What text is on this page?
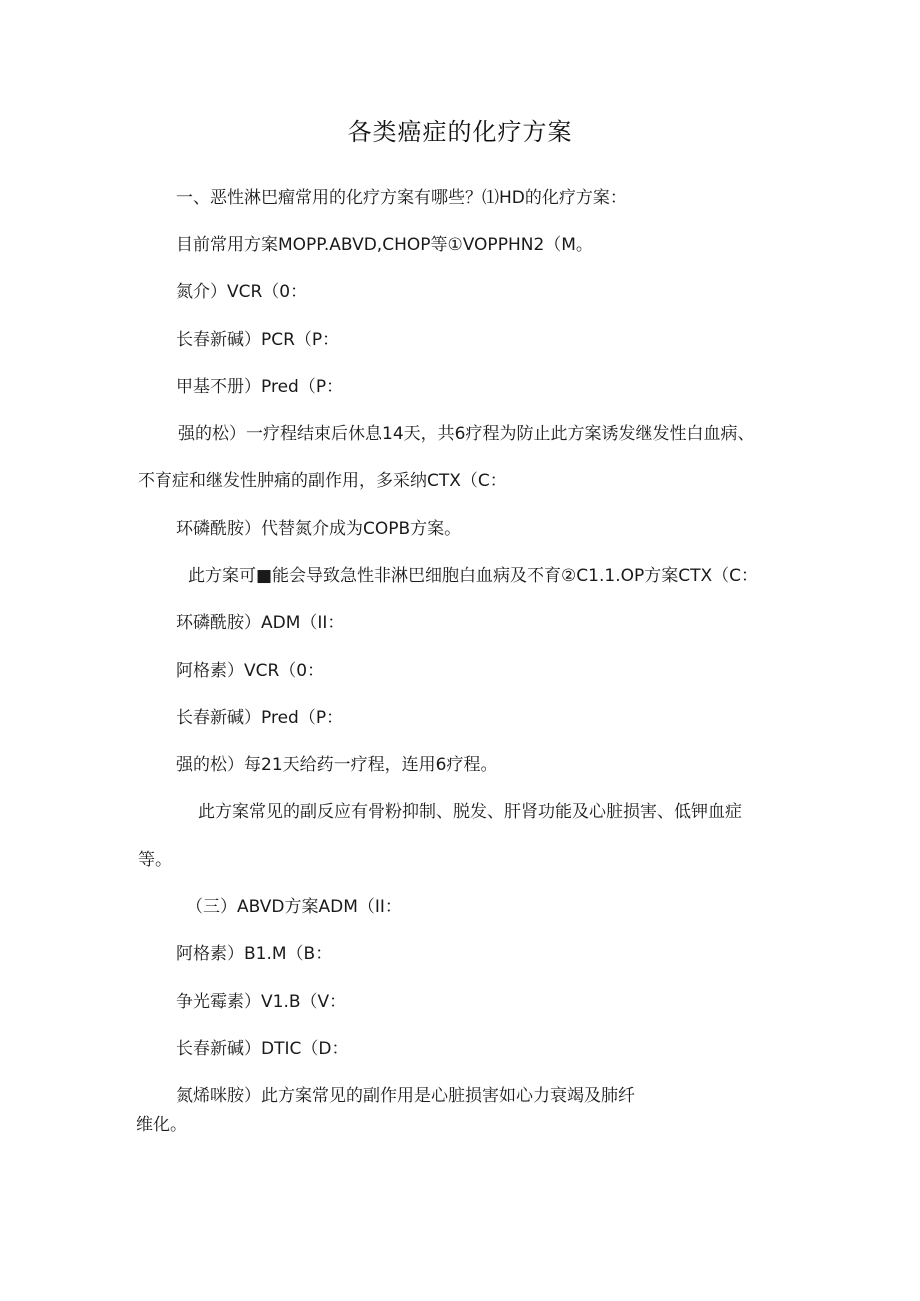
各类癌症的化疗方案
一、恶性淋巴瘤常用的化疗方案有哪些？⑴HD的化疗方案：
目前常用方案MOPP.ABVD,CHOP等①VOPPHN2（M。
氮介）VCR（0：
长春新碱）PCR（P：
甲基不册）Pred（P：
强的松）一疗程结束后休息14天，共6疗程为防止此方案诱发继发性白血病、
不育症和继发性肿痛的副作用，多采纳CTX（C：
环磷酰胺）代替氮介成为COPB方案。
此方案可■能会导致急性非淋巴细胞白血病及不育②C1.1.OP方案CTX（C：
环磷酰胺）ADM（II：
阿格素）VCR（0：
长春新碱）Pred（P：
强的松）每21天给药一疗程，连用6疗程。
此方案常见的副反应有骨粉抑制、脱发、肝肾功能及心脏损害、低钾血症
等。
（三）ABVD方案ADM（II：
阿格素）B1.M（B：
争光霉素）V1.B（V：
长春新碱）DTIC（D：
氮烯咪胺）此方案常见的副作用是心脏损害如心力衰竭及肺纤
维化。
